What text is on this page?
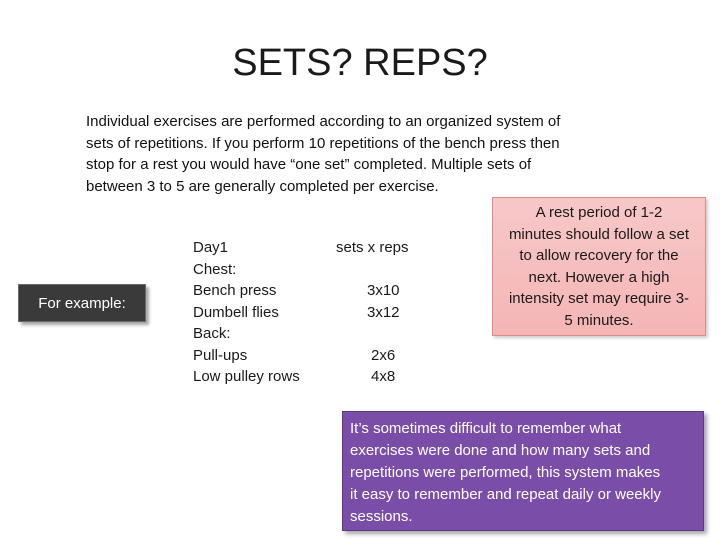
SETS? REPS?
Individual exercises are performed according to an organized system of
sets of repetitions. If you perform 10 repetitions of the bench press then
stop for a rest you would have “one set” completed. Multiple sets of
between 3 to 5 are generally completed per exercise.
For example:
Day1	sets x reps
Chest:
Bench press	3x10
Dumbell flies	3x12
Back:
Pull-ups	2x6
Low pulley rows	4x8
A rest period of 1-2
minutes should follow a set
to allow recovery for the
next. However a high
intensity set may require 3-
5 minutes.
It’s sometimes difficult to remember what
exercises were done and how many sets and
repetitions were performed, this system makes
it easy to remember and repeat daily or weekly
sessions.
